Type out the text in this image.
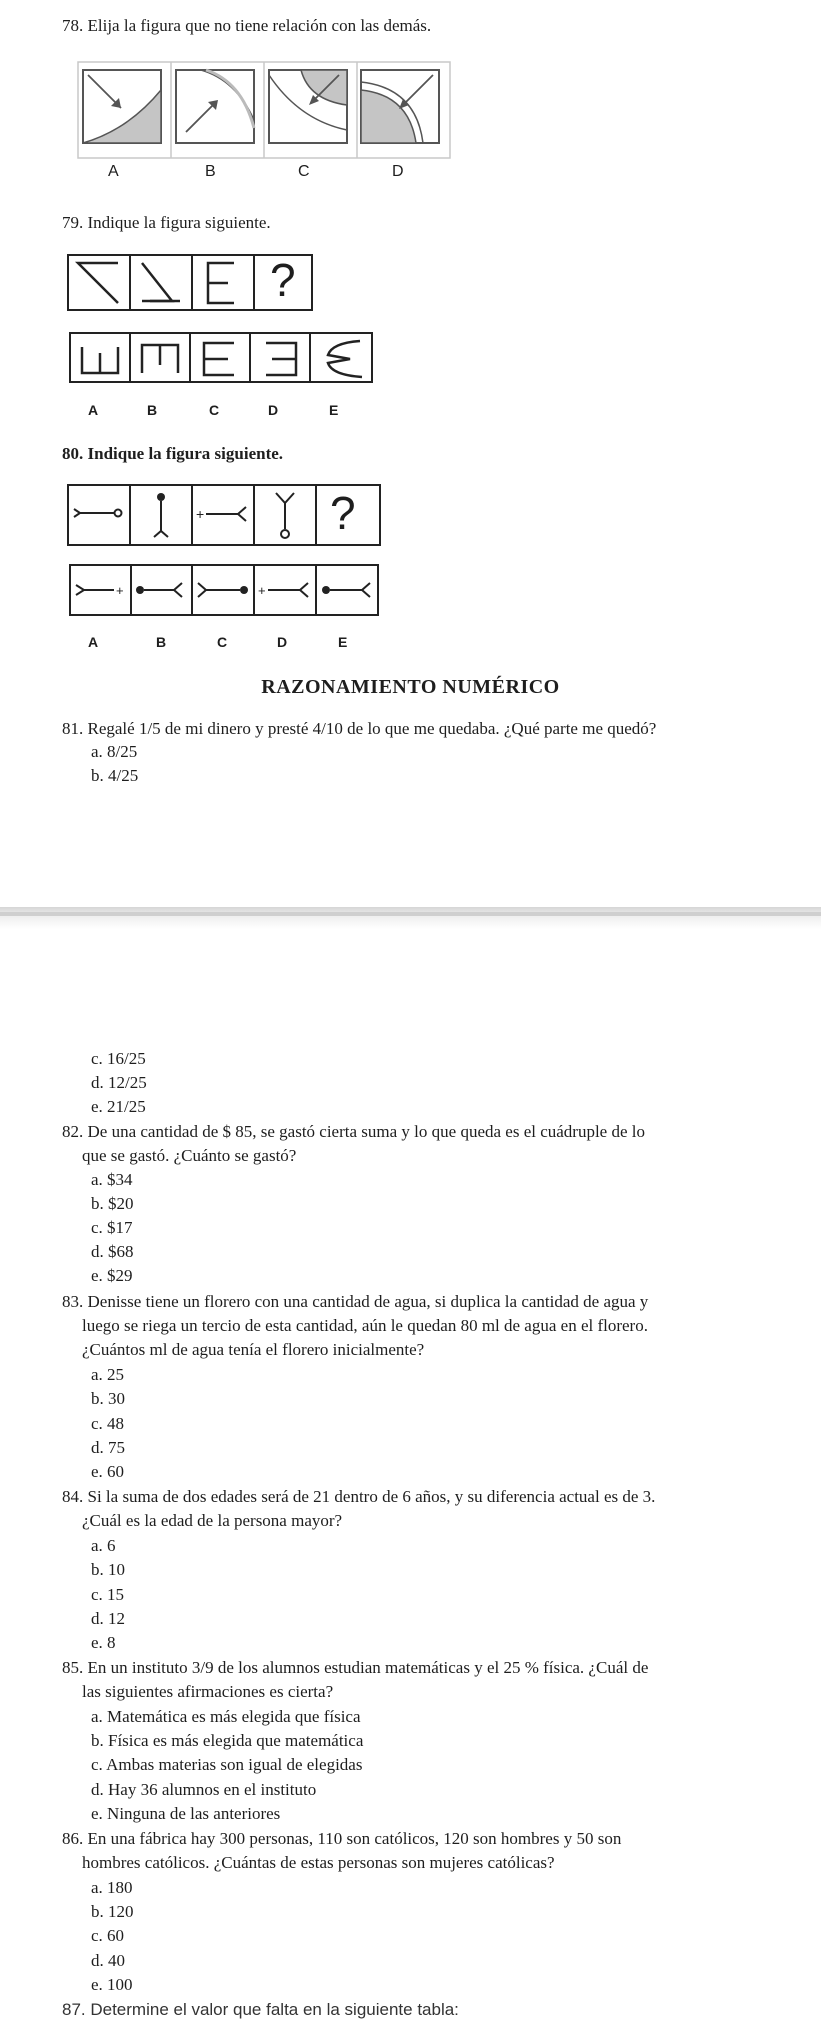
78. Elija la figura que no tiene relación con las demás.
A	B	C	D
79. Indique la figura siguiente.
?
A	B	C	D	E
80. Indique la figura siguiente.
+	?
+	+
A	B	C	D	E
RAZONAMIENTO NUMÉRICO
81. Regalé 1/5 de mi dinero y presté 4/10 de lo que me quedaba. ¿Qué parte me quedó?
a. 8/25
b. 4/25
c. 16/25
d. 12/25
e. 21/25
82. De una cantidad de $ 85, se gastó cierta suma y lo que queda es el cuádruple de lo
que se gastó. ¿Cuánto se gastó?
a. $34
b. $20
c. $17
d. $68
e. $29
83. Denisse tiene un florero con una cantidad de agua, si duplica la cantidad de agua y
luego se riega un tercio de esta cantidad, aún le quedan 80 ml de agua en el florero.
¿Cuántos ml de agua tenía el florero inicialmente?
a. 25
b. 30
c. 48
d. 75
e. 60
84. Si la suma de dos edades será de 21 dentro de 6 años, y su diferencia actual es de 3.
¿Cuál es la edad de la persona mayor?
a. 6
b. 10
c. 15
d. 12
e. 8
85. En un instituto 3/9 de los alumnos estudian matemáticas y el 25 % física. ¿Cuál de
las siguientes afirmaciones es cierta?
a. Matemática es más elegida que física
b. Física es más elegida que matemática
c. Ambas materias son igual de elegidas
d. Hay 36 alumnos en el instituto
e. Ninguna de las anteriores
86. En una fábrica hay 300 personas, 110 son católicos, 120 son hombres y 50 son
hombres católicos. ¿Cuántas de estas personas son mujeres católicas?
a. 180
b. 120
c. 60
d. 40
e. 100
87. Determine el valor que falta en la siguiente tabla:
